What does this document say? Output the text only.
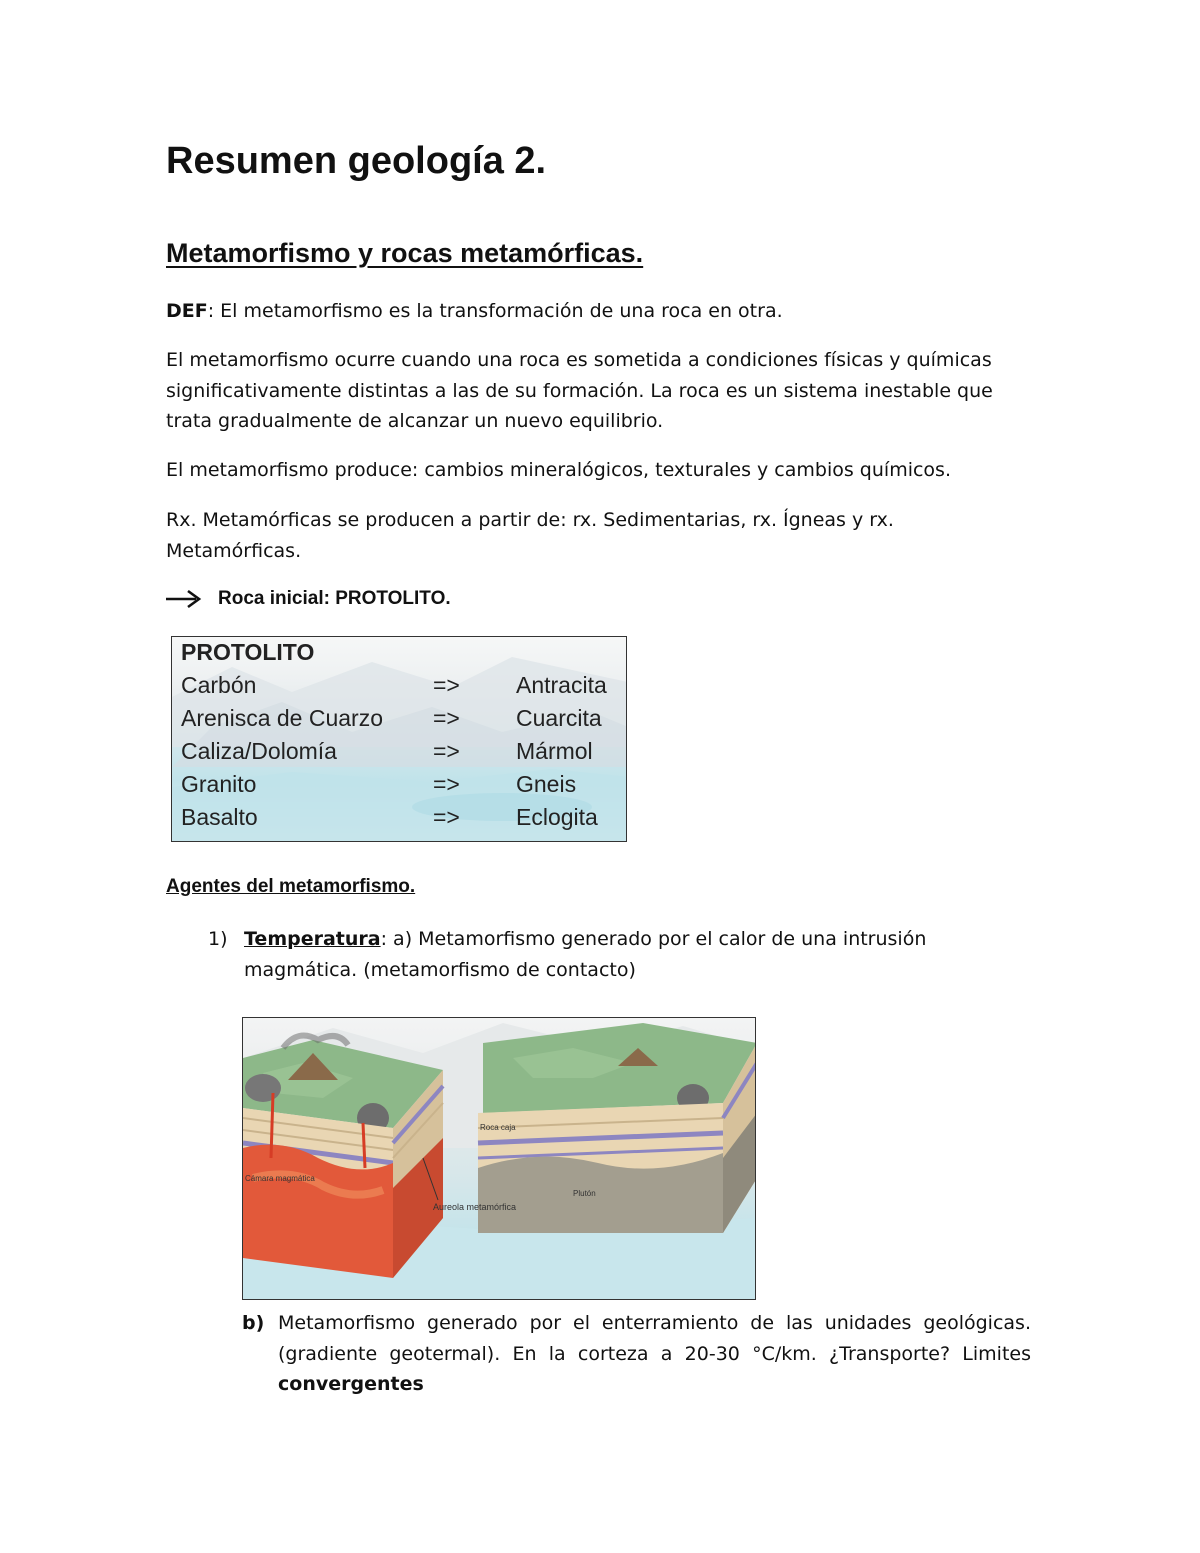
Resumen geología 2.
Metamorfismo y rocas metamórficas.

DEF: El metamorfismo es la transformación de una roca en otra.

El metamorfismo ocurre cuando una roca es sometida a condiciones físicas y químicas significativamente distintas a las de su formación. La roca es un sistema inestable que trata gradualmente de alcanzar un nuevo equilibrio.

El metamorfismo produce: cambios mineralógicos, texturales y cambios químicos.

Rx. Metamórficas se producen a partir de: rx. Sedimentarias, rx. Ígneas y rx. Metamórficas.

Roca inicial: PROTOLITO.
PROTOLITO
Carbón	=> Antracita
Arenisca de Cuarzo => Cuarcita
Caliza/Dolomía	=> Mármol
Granito	=> Gneis
Basalto	=> Eclogita
Agentes del metamorfismo.
1) Temperatura: a) Metamorfismo generado por el calor de una intrusión magmática. (metamorfismo de contacto)
Cámara magmática
Aureola metamórfica
Roca caja
Plutón
b) Metamorfismo generado por el enterramiento de las unidades geológicas. (gradiente geotermal). En la corteza a 20-30 °C/km. ¿Transporte? Limites convergentes
